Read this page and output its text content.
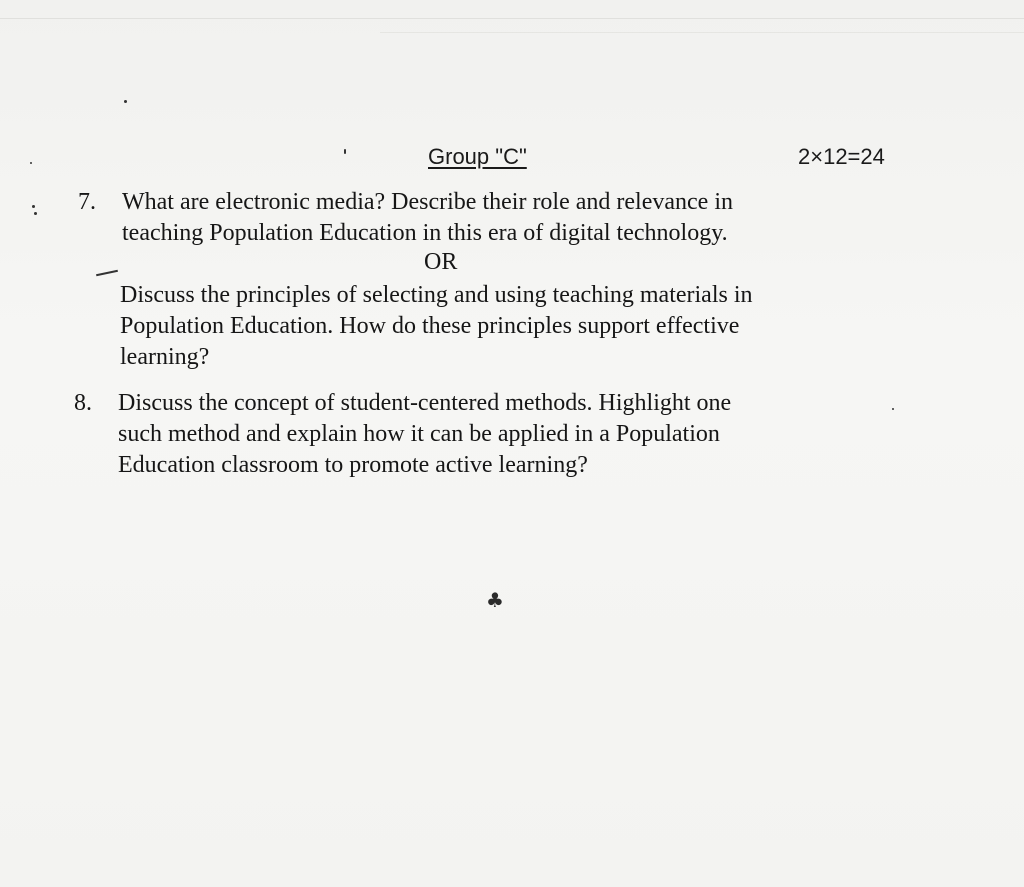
Group "C"	2×12=24
7. What are electronic media? Describe their role and relevance in
teaching Population Education in this era of digital technology.
OR
Discuss the principles of selecting and using teaching materials in
Population Education. How do these principles support effective
learning?
8. Discuss the concept of student-centered methods. Highlight one
such method and explain how it can be applied in a Population
Education classroom to promote active learning?
♣
